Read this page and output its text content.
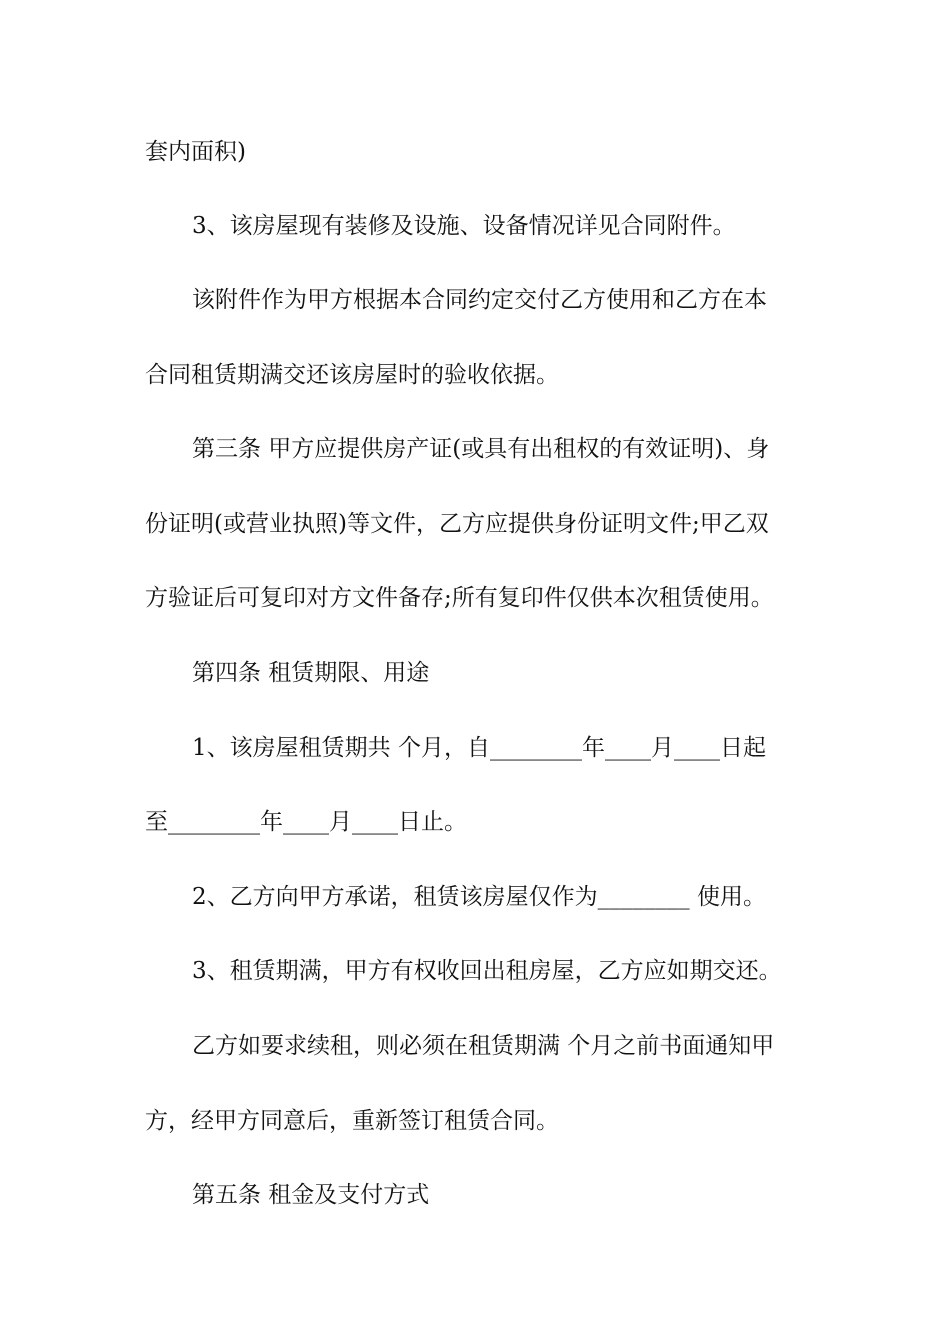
套内面积)
3、该房屋现有装修及设施、设备情况详见合同附件。
该附件作为甲方根据本合同约定交付乙方使用和乙方在本
合同租赁期满交还该房屋时的验收依据。
第三条 甲方应提供房产证(或具有出租权的有效证明)、身
份证明(或营业执照)等文件，乙方应提供身份证明文件;甲乙双
方验证后可复印对方文件备存;所有复印件仅供本次租赁使用。
第四条 租赁期限、用途
1、该房屋租赁期共 个月，自________年____月____日起
至________年____月____日止。
2、乙方向甲方承诺，租赁该房屋仅作为________ 使用。
3、租赁期满，甲方有权收回出租房屋，乙方应如期交还。
乙方如要求续租，则必须在租赁期满 个月之前书面通知甲
方，经甲方同意后，重新签订租赁合同。
第五条 租金及支付方式
